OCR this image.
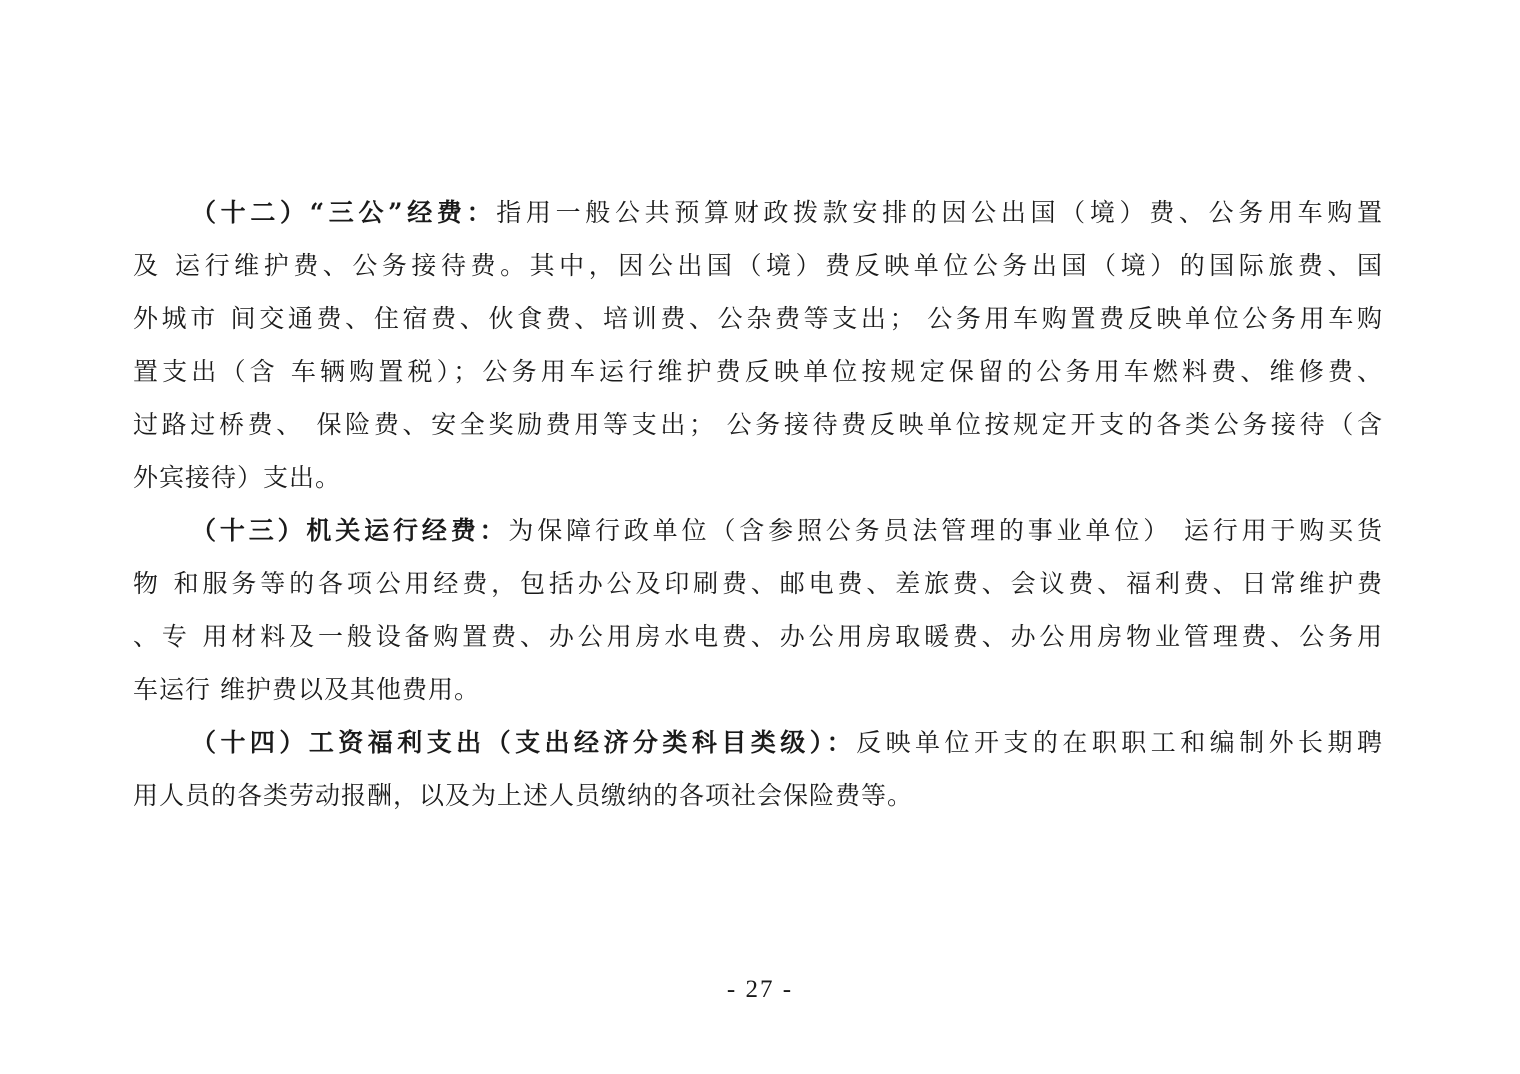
（十二）“三公”经费：指用一般公共预算财政拨款安排的因公出国（境）费、公务用车购置
及 运行维护费、公务接待费。其中，因公出国（境）费反映单位公务出国（境）的国际旅费、国
外城市 间交通费、住宿费、伙食费、培训费、公杂费等支出； 公务用车购置费反映单位公务用车购
置支出（含 车辆购置税）；公务用车运行维护费反映单位按规定保留的公务用车燃料费、维修费、
过路过桥费、 保险费、安全奖励费用等支出； 公务接待费反映单位按规定开支的各类公务接待（含
外宾接待）支出。
（十三）机关运行经费：为保障行政单位（含参照公务员法管理的事业单位） 运行用于购买货
物 和服务等的各项公用经费，包括办公及印刷费、邮电费、差旅费、会议费、福利费、日常维护费
、专 用材料及一般设备购置费、办公用房水电费、办公用房取暖费、办公用房物业管理费、公务用
车运行 维护费以及其他费用。
（十四）工资福利支出（支出经济分类科目类级）：反映单位开支的在职职工和编制外长期聘
用人员的各类劳动报酬，以及为上述人员缴纳的各项社会保险费等。
- 27 -
